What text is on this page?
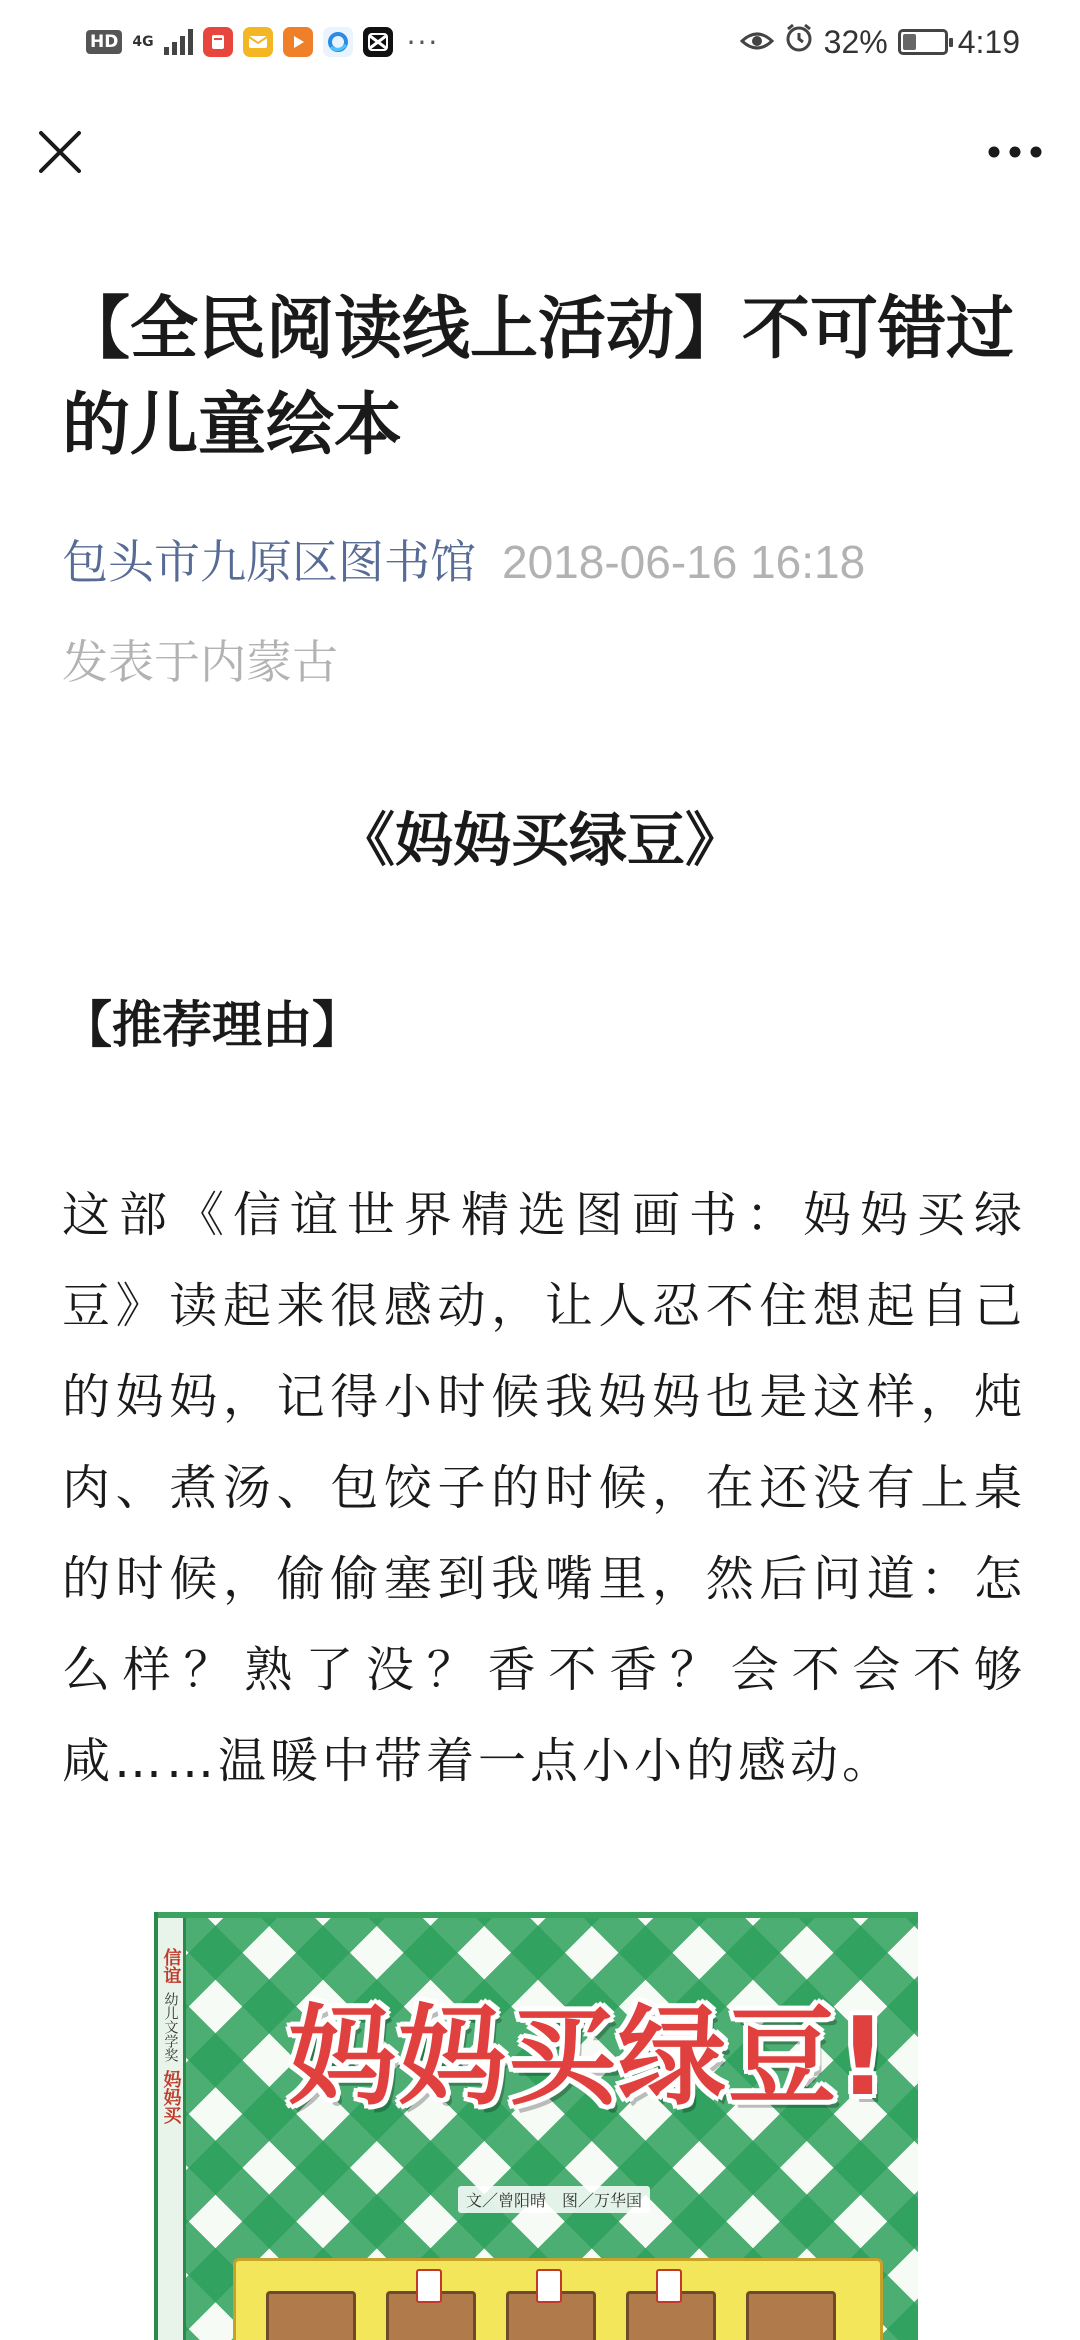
HD 4G	···	32% 4:19
【全民阅读线上活动】不可错过的儿童绘本
包头市九原区图书馆 2018-06-16 16:18
发表于内蒙古
《妈妈买绿豆》
【推荐理由】

这部《信谊世界精选图画书：妈妈买绿豆》读起来很感动，让人忍不住想起自己的妈妈，记得小时候我妈妈也是这样，炖肉、煮汤、包饺子的时候，在还没有上桌的时候，偷偷塞到我嘴里，然后问道：怎么样？熟了没？香不香？会不会不够咸……温暖中带着一点小小的感动。

信谊
幼儿文学奖
妈妈买 妈妈买绿豆!
文／曾阳晴　图／万华国
